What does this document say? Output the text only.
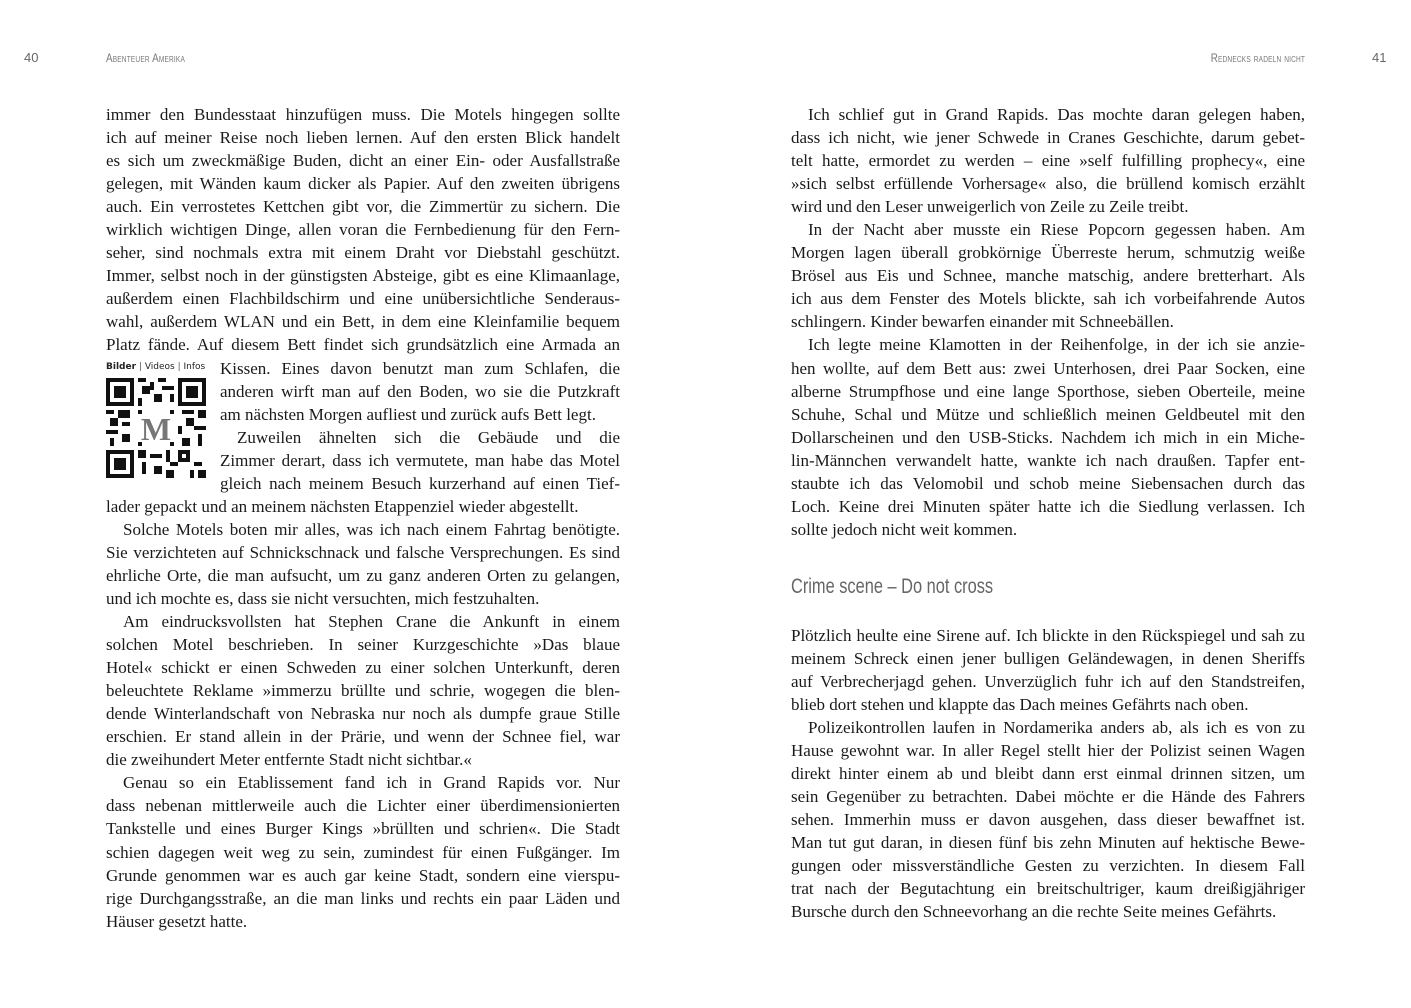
40	Abenteuer Amerika
Bilder | Videos | Infos
M
immer den Bundesstaat hinzufügen muss. Die Motels hingegen sollte
ich auf meiner Reise noch lieben lernen. Auf den ersten Blick handelt
es sich um zweckmäßige Buden, dicht an einer Ein- oder Ausfallstraße
gelegen, mit Wänden kaum dicker als Papier. Auf den zweiten übrigens
auch. Ein verrostetes Kettchen gibt vor, die Zimmertür zu sichern. Die
wirklich wichtigen Dinge, allen voran die Fernbedienung für den Fern-
seher, sind nochmals extra mit einem Draht vor Diebstahl geschützt.
Immer, selbst noch in der günstigsten Absteige, gibt es eine Klimaanlage,
außerdem einen Flachbildschirm und eine unübersichtliche Senderaus-
wahl, außerdem WLAN und ein Bett, in dem eine Kleinfamilie bequem
Platz fände. Auf diesem Bett findet sich grundsätzlich eine Armada an
Kissen. Eines davon benutzt man zum Schlafen, die
anderen wirft man auf den Boden, wo sie die Putzkraft
am nächsten Morgen aufliest und zurück aufs Bett legt.
Zuweilen ähnelten sich die Gebäude und die
Zimmer derart, dass ich vermutete, man habe das Motel
gleich nach meinem Besuch kurzerhand auf einen Tief-
lader gepackt und an meinem nächsten Etappenziel wieder abgestellt.
Solche Motels boten mir alles, was ich nach einem Fahrtag benötigte.
Sie verzichteten auf Schnickschnack und falsche Versprechungen. Es sind
ehrliche Orte, die man aufsucht, um zu ganz anderen Orten zu gelangen,
und ich mochte es, dass sie nicht versuchten, mich festzuhalten.
Am eindrucksvollsten hat Stephen Crane die Ankunft in einem
solchen Motel beschrieben. In seiner Kurzgeschichte »Das blaue
Hotel« schickt er einen Schweden zu einer solchen Unterkunft, deren
beleuchtete Reklame »immerzu brüllte und schrie, wogegen die blen-
dende Winterlandschaft von Nebraska nur noch als dumpfe graue Stille
erschien. Er stand allein in der Prärie, und wenn der Schnee fiel, war
die zweihundert Meter entfernte Stadt nicht sichtbar.«
Genau so ein Etablissement fand ich in Grand Rapids vor. Nur
dass nebenan mittlerweile auch die Lichter einer überdimensionierten
Tankstelle und eines Burger Kings »brüllten und schrien«. Die Stadt
schien dagegen weit weg zu sein, zumindest für einen Fußgänger. Im
Grunde genommen war es auch gar keine Stadt, sondern eine vierspu-
rige Durchgangsstraße, an die man links und rechts ein paar Läden und
Häuser gesetzt hatte.
Rednecks radeln nicht	41
Ich schlief gut in Grand Rapids. Das mochte daran gelegen haben,
dass ich nicht, wie jener Schwede in Cranes Geschichte, darum gebet-
telt hatte, ermordet zu werden – eine »self fulfilling prophecy«, eine
»sich selbst erfüllende Vorhersage« also, die brüllend komisch erzählt
wird und den Leser unweigerlich von Zeile zu Zeile treibt.
In der Nacht aber musste ein Riese Popcorn gegessen haben. Am
Morgen lagen überall grobkörnige Überreste herum, schmutzig weiße
Brösel aus Eis und Schnee, manche matschig, andere bretterhart. Als
ich aus dem Fenster des Motels blickte, sah ich vorbeifahrende Autos
schlingern. Kinder bewarfen einander mit Schneebällen.
Ich legte meine Klamotten in der Reihenfolge, in der ich sie anzie-
hen wollte, auf dem Bett aus: zwei Unterhosen, drei Paar Socken, eine
alberne Strumpfhose und eine lange Sporthose, sieben Oberteile, meine
Schuhe, Schal und Mütze und schließlich meinen Geldbeutel mit den
Dollarscheinen und den USB-Sticks. Nachdem ich mich in ein Miche-
lin-Männchen verwandelt hatte, wankte ich nach draußen. Tapfer ent-
staubte ich das Velomobil und schob meine Siebensachen durch das
Loch. Keine drei Minuten später hatte ich die Siedlung verlassen. Ich
sollte jedoch nicht weit kommen.
Crime scene – Do not cross
Plötzlich heulte eine Sirene auf. Ich blickte in den Rückspiegel und sah zu
meinem Schreck einen jener bulligen Geländewagen, in denen Sheriffs
auf Verbrecherjagd gehen. Unverzüglich fuhr ich auf den Standstreifen,
blieb dort stehen und klappte das Dach meines Gefährts nach oben.
Polizeikontrollen laufen in Nordamerika anders ab, als ich es von zu
Hause gewohnt war. In aller Regel stellt hier der Polizist seinen Wagen
direkt hinter einem ab und bleibt dann erst einmal drinnen sitzen, um
sein Gegenüber zu betrachten. Dabei möchte er die Hände des Fahrers
sehen. Immerhin muss er davon ausgehen, dass dieser bewaffnet ist.
Man tut gut daran, in diesen fünf bis zehn Minuten auf hektische Bewe-
gungen oder missverständliche Gesten zu verzichten. In diesem Fall
trat nach der Begutachtung ein breitschultriger, kaum dreißigjähriger
Bursche durch den Schneevorhang an die rechte Seite meines Gefährts.
